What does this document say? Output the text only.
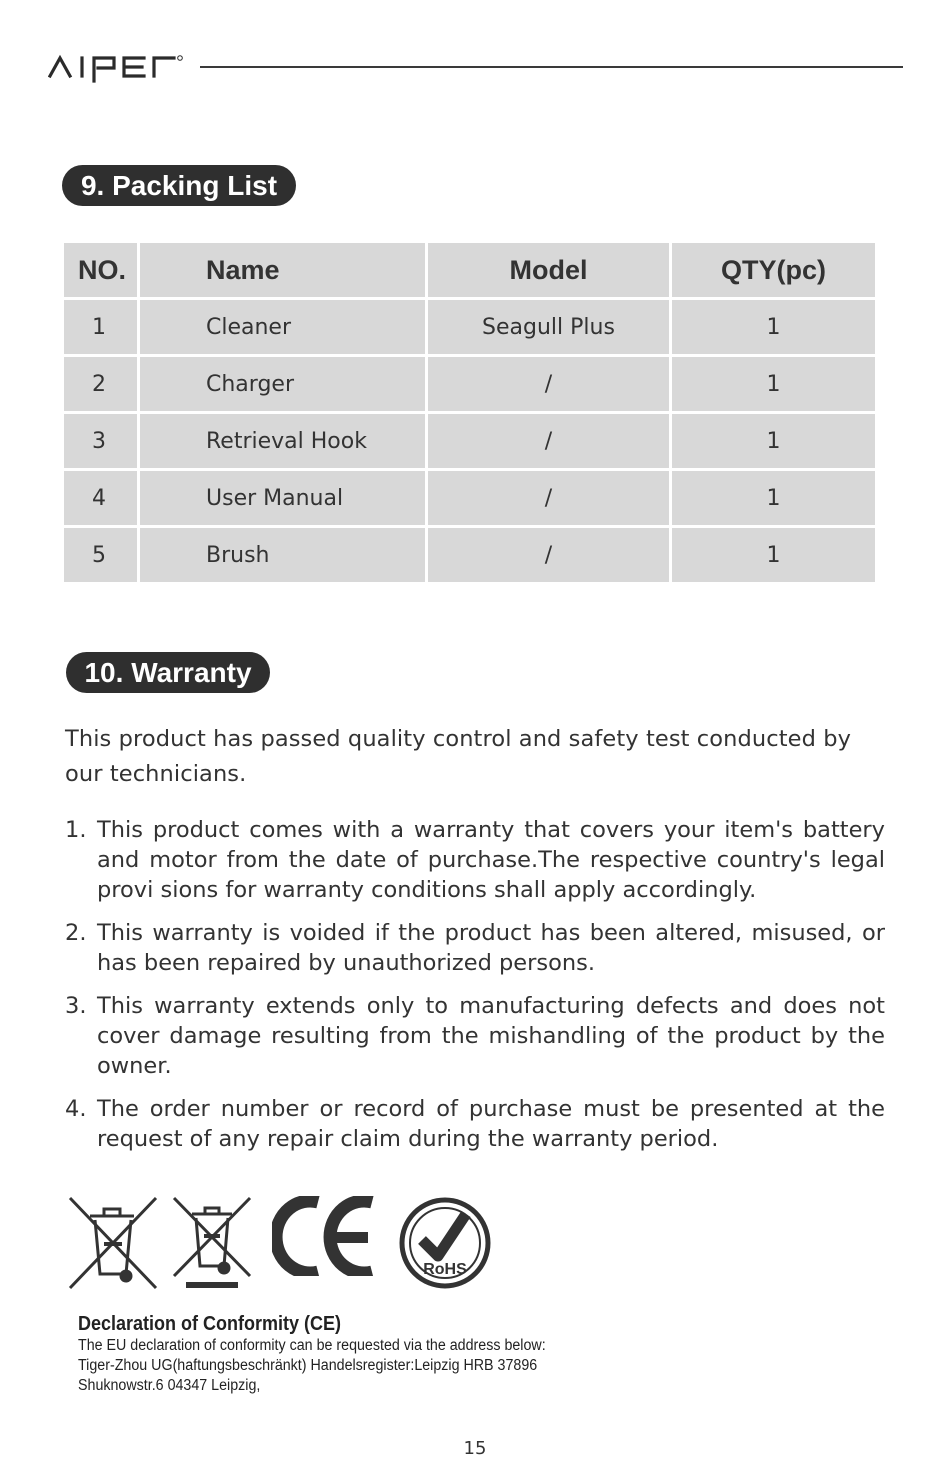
9. Packing List
NO.	Name	Model	QTY(pc)
1	Cleaner	Seagull Plus	1
2	Charger	/	1
3	Retrieval Hook	/	1
4	User Manual	/	1
5	Brush	/	1
10. Warranty

This product has passed quality control and safety test conducted by our technicians.

1. This product comes with a warranty that covers your item's battery and motor from the date of purchase.The respective country's legal provi sions for warranty conditions shall apply accordingly.
2. This warranty is voided if the product has been altered, misused, or has been repaired by unauthorized persons.
3. This warranty extends only to manufacturing defects and does not cover damage resulting from the mishandling of the product by the owner.
4. The order number or record of purchase must be presented at the request of any repair claim during the warranty period.
RoHS
Declaration of Conformity (CE)
The EU declaration of conformity can be requested via the address below:
Tiger-Zhou UG(haftungsbeschränkt) Handelsregister:Leipzig HRB 37896
Shuknowstr.6 04347 Leipzig,
15
